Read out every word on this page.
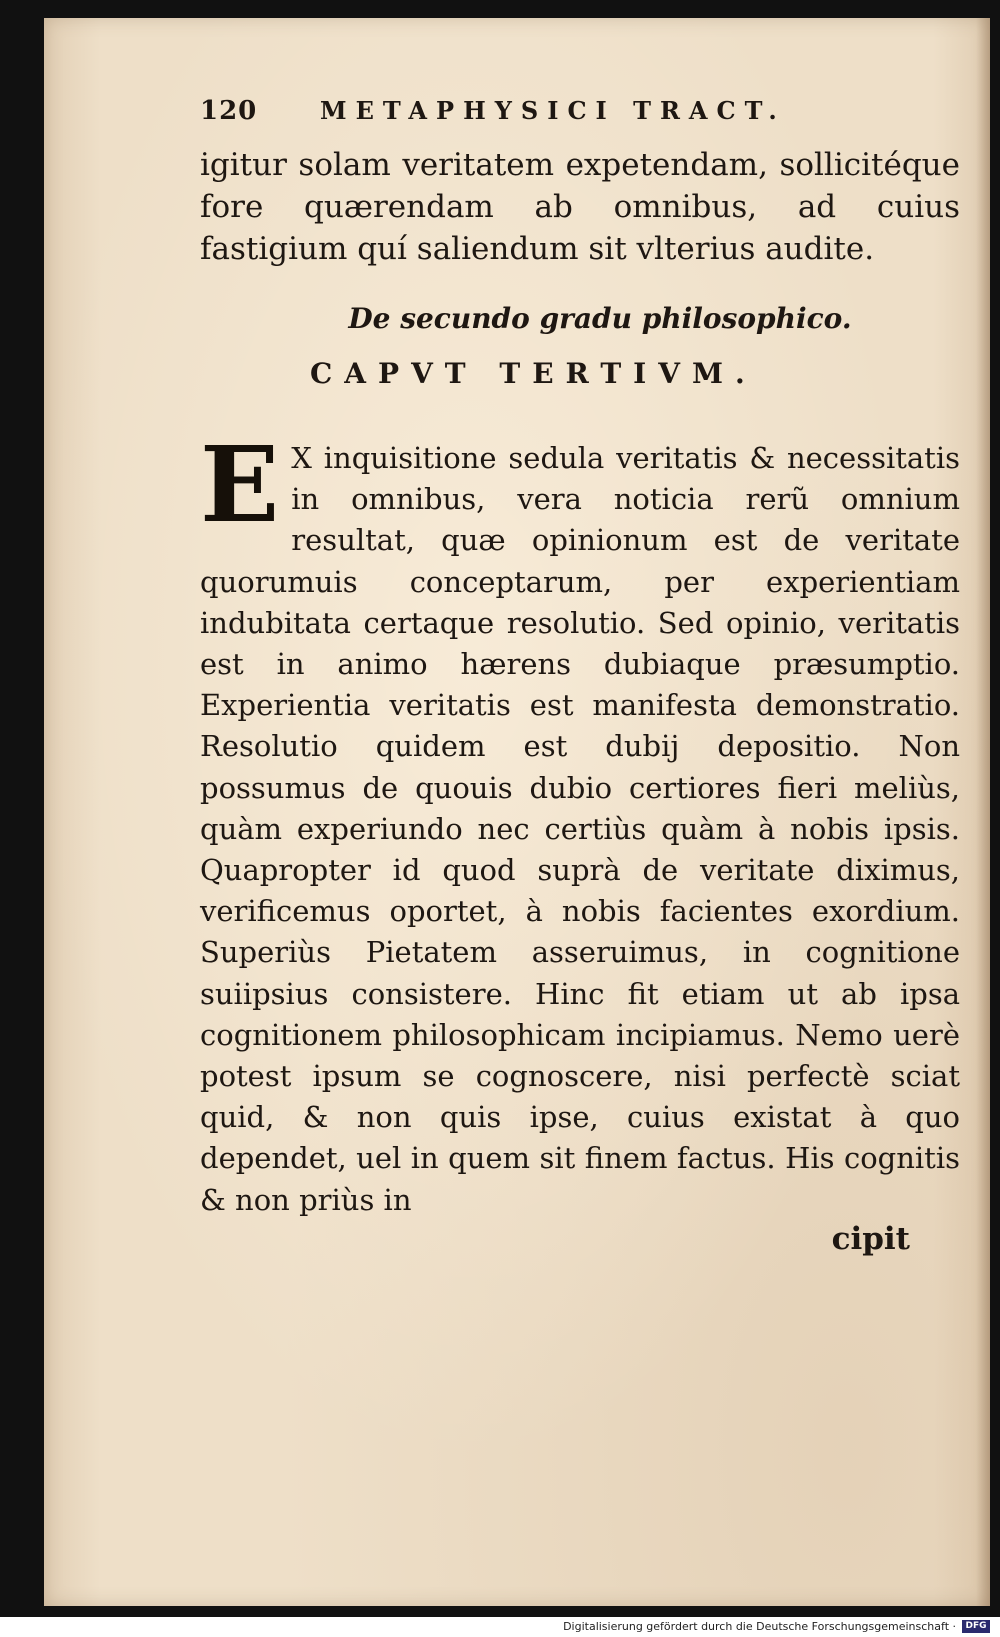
120	METAPHYSICI TRACT.

igitur solam veritatem expetendam, sollicitéque fore quærendam ab omnibus, ad cuius fastigium quí saliendum sit vlterius audite.

De secundo gradu philosophico.
CAPVT TERTIVM.
E X inquisitione sedula veritatis & necessitatis in omnibus, vera noticia rerũ omnium resultat, quæ opinionum est de veritate quorumuis conceptarum, per experientiam indubitata certaque resolutio. Sed opinio, veritatis est in animo hærens dubiaque præsumptio. Experientia veritatis est manifesta demonstratio. Resolutio quidem est dubij depositio. Non possumus de quouis dubio certiores fieri meliùs, quàm experiundo nec certiùs quàm à nobis ipsis. Quapropter id quod suprà de veritate diximus, verificemus oportet, à nobis facientes exordium. Superiùs Pietatem asseruimus, in cognitione suiipsius consistere. Hinc fit etiam ut ab ipsa cognitionem philosophicam incipiamus. Nemo uerè potest ipsum se cognoscere, nisi perfectè sciat quid, & non quis ipse, cuius existat à quo dependet, uel in quem sit finem factus. His cognitis & non priùs in
cipit
Digitalisierung gefördert durch die Deutsche Forschungsgemeinschaft ·	DFG
